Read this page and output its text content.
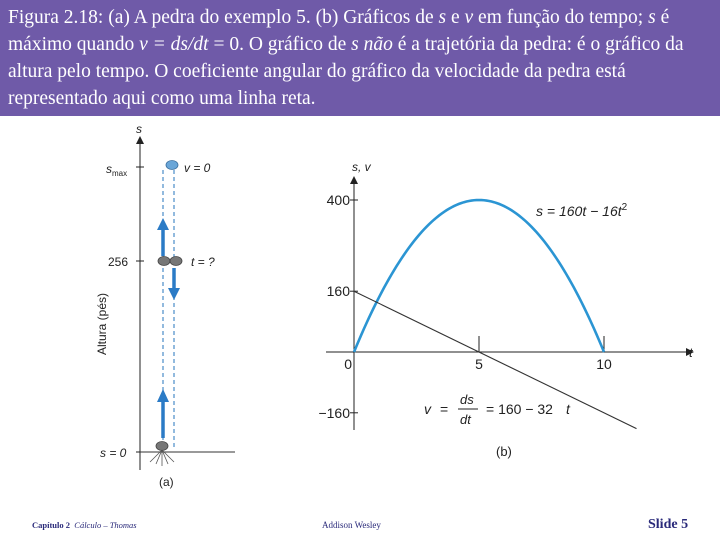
Figura 2.18: (a) A pedra do exemplo 5. (b) Gráficos de s e v em função do tempo; s é máximo quando v = ds/dt = 0. O gráfico de s não é a trajetória da pedra: é o gráfico da altura pelo tempo. O coeficiente angular do gráfico da velocidade da pedra está representado aqui como uma linha reta.

s
$s_{max}$
256
s = 0
v = 0
t = ?
Altura (pés)
(a)
s, v
t
400
160
0
−160
5	10
$s = 160t - 16t^2$
v =
ds
dt
= 160 − 32 t
(b)
Capítulo 2 Cálculo – Thomas	Addison Wesley	Slide 5
